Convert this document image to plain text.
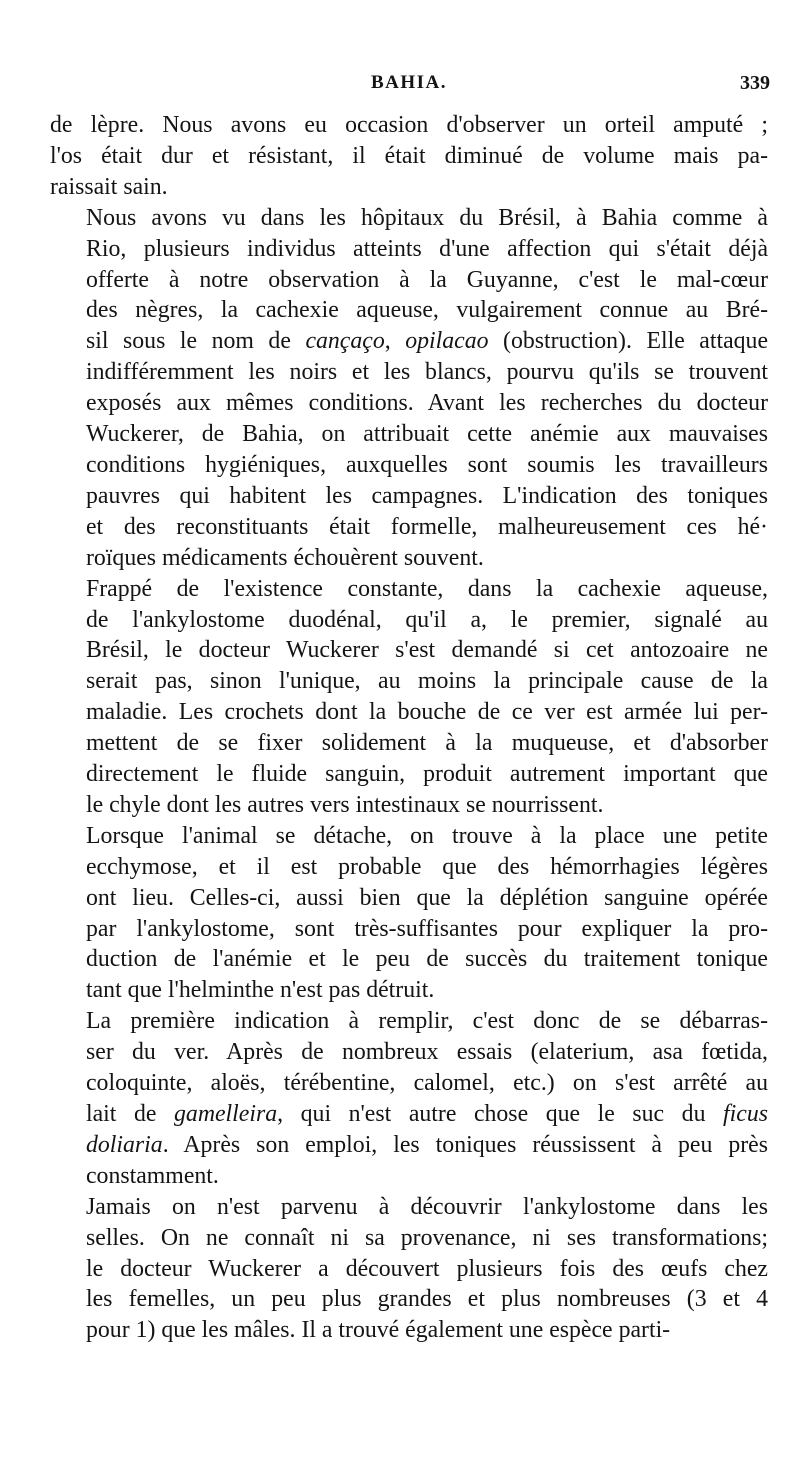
BAHIA.	339

de lèpre. Nous avons eu occasion d'observer un orteil amputé ;
l'os était dur et résistant, il était diminué de volume mais pa-
raissait sain.

Nous avons vu dans les hôpitaux du Brésil, à Bahia comme à
Rio, plusieurs individus atteints d'une affection qui s'était déjà
offerte à notre observation à la Guyanne, c'est le mal-cœur
des nègres, la cachexie aqueuse, vulgairement connue au Bré-
sil sous le nom de cançaço, opilacao (obstruction). Elle attaque
indifféremment les noirs et les blancs, pourvu qu'ils se trouvent
exposés aux mêmes conditions. Avant les recherches du docteur
Wuckerer, de Bahia, on attribuait cette anémie aux mauvaises
conditions hygiéniques, auxquelles sont soumis les travailleurs
pauvres qui habitent les campagnes. L'indication des toniques
et des reconstituants était formelle, malheureusement ces hé·
roïques médicaments échouèrent souvent.

Frappé de l'existence constante, dans la cachexie aqueuse,
de l'ankylostome duodénal, qu'il a, le premier, signalé au
Brésil, le docteur Wuckerer s'est demandé si cet antozoaire ne
serait pas, sinon l'unique, au moins la principale cause de la
maladie. Les crochets dont la bouche de ce ver est armée lui per-
mettent de se fixer solidement à la muqueuse, et d'absorber
directement le fluide sanguin, produit autrement important que
le chyle dont les autres vers intestinaux se nourrissent.

Lorsque l'animal se détache, on trouve à la place une petite
ecchymose, et il est probable que des hémorrhagies légères
ont lieu. Celles-ci, aussi bien que la déplétion sanguine opérée
par l'ankylostome, sont très-suffisantes pour expliquer la pro-
duction de l'anémie et le peu de succès du traitement tonique
tant que l'helminthe n'est pas détruit.

La première indication à remplir, c'est donc de se débarras-
ser du ver. Après de nombreux essais (elaterium, asa fœtida,
coloquinte, aloës, térébentine, calomel, etc.) on s'est arrêté au
lait de gamelleira, qui n'est autre chose que le suc du ficus
doliaria. Après son emploi, les toniques réussissent à peu près
constamment.

Jamais on n'est parvenu à découvrir l'ankylostome dans les
selles. On ne connaît ni sa provenance, ni ses transformations;
le docteur Wuckerer a découvert plusieurs fois des œufs chez
les femelles, un peu plus grandes et plus nombreuses (3 et 4
pour 1) que les mâles. Il a trouvé également une espèce parti-
